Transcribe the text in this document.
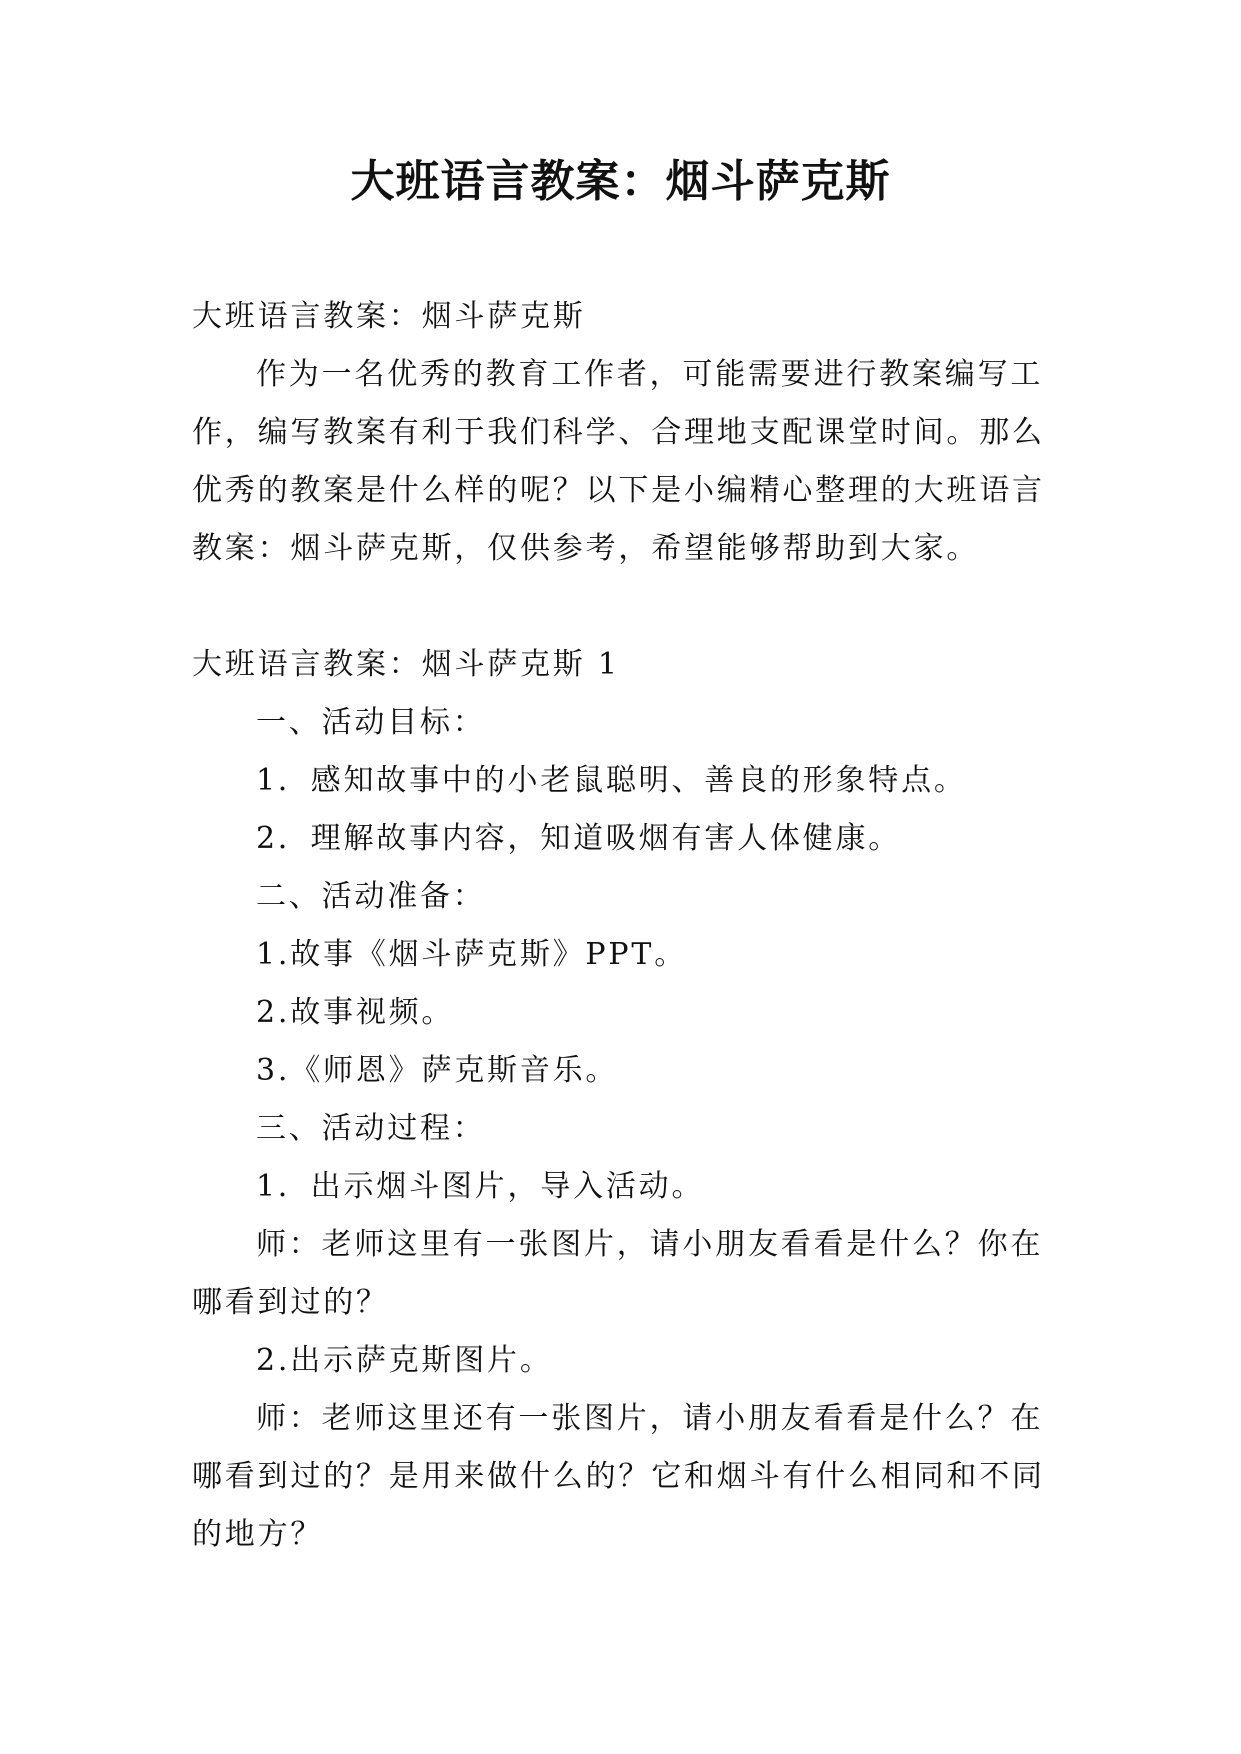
大班语言教案：烟斗萨克斯

大班语言教案：烟斗萨克斯

作为一名优秀的教育工作者，可能需要进行教案编写工作，编写教案有利于我们科学、合理地支配课堂时间。那么优秀的教案是什么样的呢？以下是小编精心整理的大班语言教案：烟斗萨克斯，仅供参考，希望能够帮助到大家。

大班语言教案：烟斗萨克斯 1

一、活动目标：

1．感知故事中的小老鼠聪明、善良的形象特点。

2．理解故事内容，知道吸烟有害人体健康。

二、活动准备：

1.故事《烟斗萨克斯》PPT。

2.故事视频。

3.《师恩》萨克斯音乐。

三、活动过程：

1．出示烟斗图片，导入活动。

师：老师这里有一张图片，请小朋友看看是什么？你在哪看到过的？

2.出示萨克斯图片。

师：老师这里还有一张图片，请小朋友看看是什么？在哪看到过的？是用来做什么的？它和烟斗有什么相同和不同的地方？
